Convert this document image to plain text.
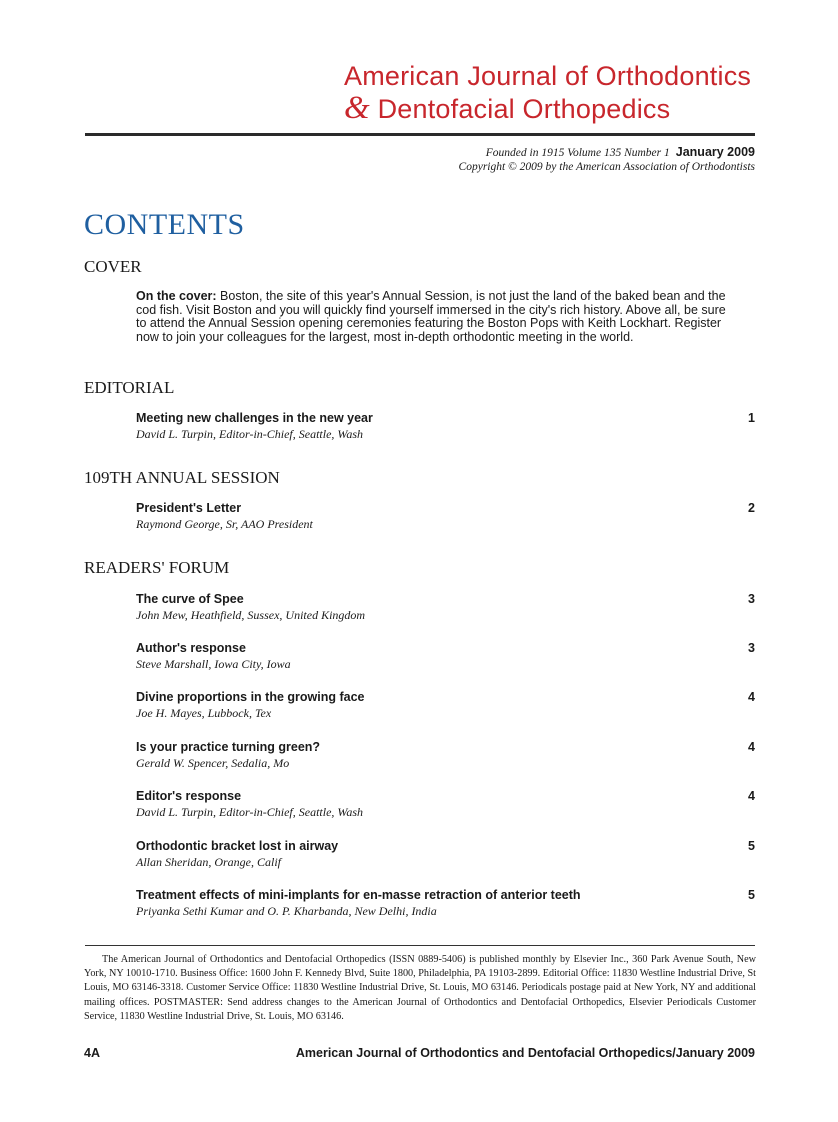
American Journal of Orthodontics
& Dentofacial Orthopedics
Founded in 1915 Volume 135 Number 1 January 2009
Copyright © 2009 by the American Association of Orthodontists
CONTENTS
COVER
On the cover: Boston, the site of this year's Annual Session, is not just the land of the baked bean and the cod fish. Visit Boston and you will quickly find yourself immersed in the city's rich history. Above all, be sure to attend the Annual Session opening ceremonies featuring the Boston Pops with Keith Lockhart. Register now to join your colleagues for the largest, most in-depth orthodontic meeting in the world.
EDITORIAL
Meeting new challenges in the new year
David L. Turpin, Editor-in-Chief, Seattle, Wash
1
109TH ANNUAL SESSION
President's Letter
Raymond George, Sr, AAO President
2
READERS' FORUM
The curve of Spee
John Mew, Heathfield, Sussex, United Kingdom
3
Author's response
Steve Marshall, Iowa City, Iowa
3
Divine proportions in the growing face
Joe H. Mayes, Lubbock, Tex
4
Is your practice turning green?
Gerald W. Spencer, Sedalia, Mo
4
Editor's response
David L. Turpin, Editor-in-Chief, Seattle, Wash
4
Orthodontic bracket lost in airway
Allan Sheridan, Orange, Calif
5
Treatment effects of mini-implants for en-masse retraction of anterior teeth
Priyanka Sethi Kumar and O. P. Kharbanda, New Delhi, India
5
The American Journal of Orthodontics and Dentofacial Orthopedics (ISSN 0889-5406) is published monthly by Elsevier Inc., 360 Park Avenue South, New York, NY 10010-1710. Business Office: 1600 John F. Kennedy Blvd, Suite 1800, Philadelphia, PA 19103-2899. Editorial Office: 11830 Westline Industrial Drive, St Louis, MO 63146-3318. Customer Service Office: 11830 Westline Industrial Drive, St. Louis, MO 63146. Periodicals postage paid at New York, NY and additional mailing offices. POSTMASTER: Send address changes to the American Journal of Orthodontics and Dentofacial Orthopedics, Elsevier Periodicals Customer Service, 11830 Westline Industrial Drive, St. Louis, MO 63146.
4A	American Journal of Orthodontics and Dentofacial Orthopedics/January 2009
